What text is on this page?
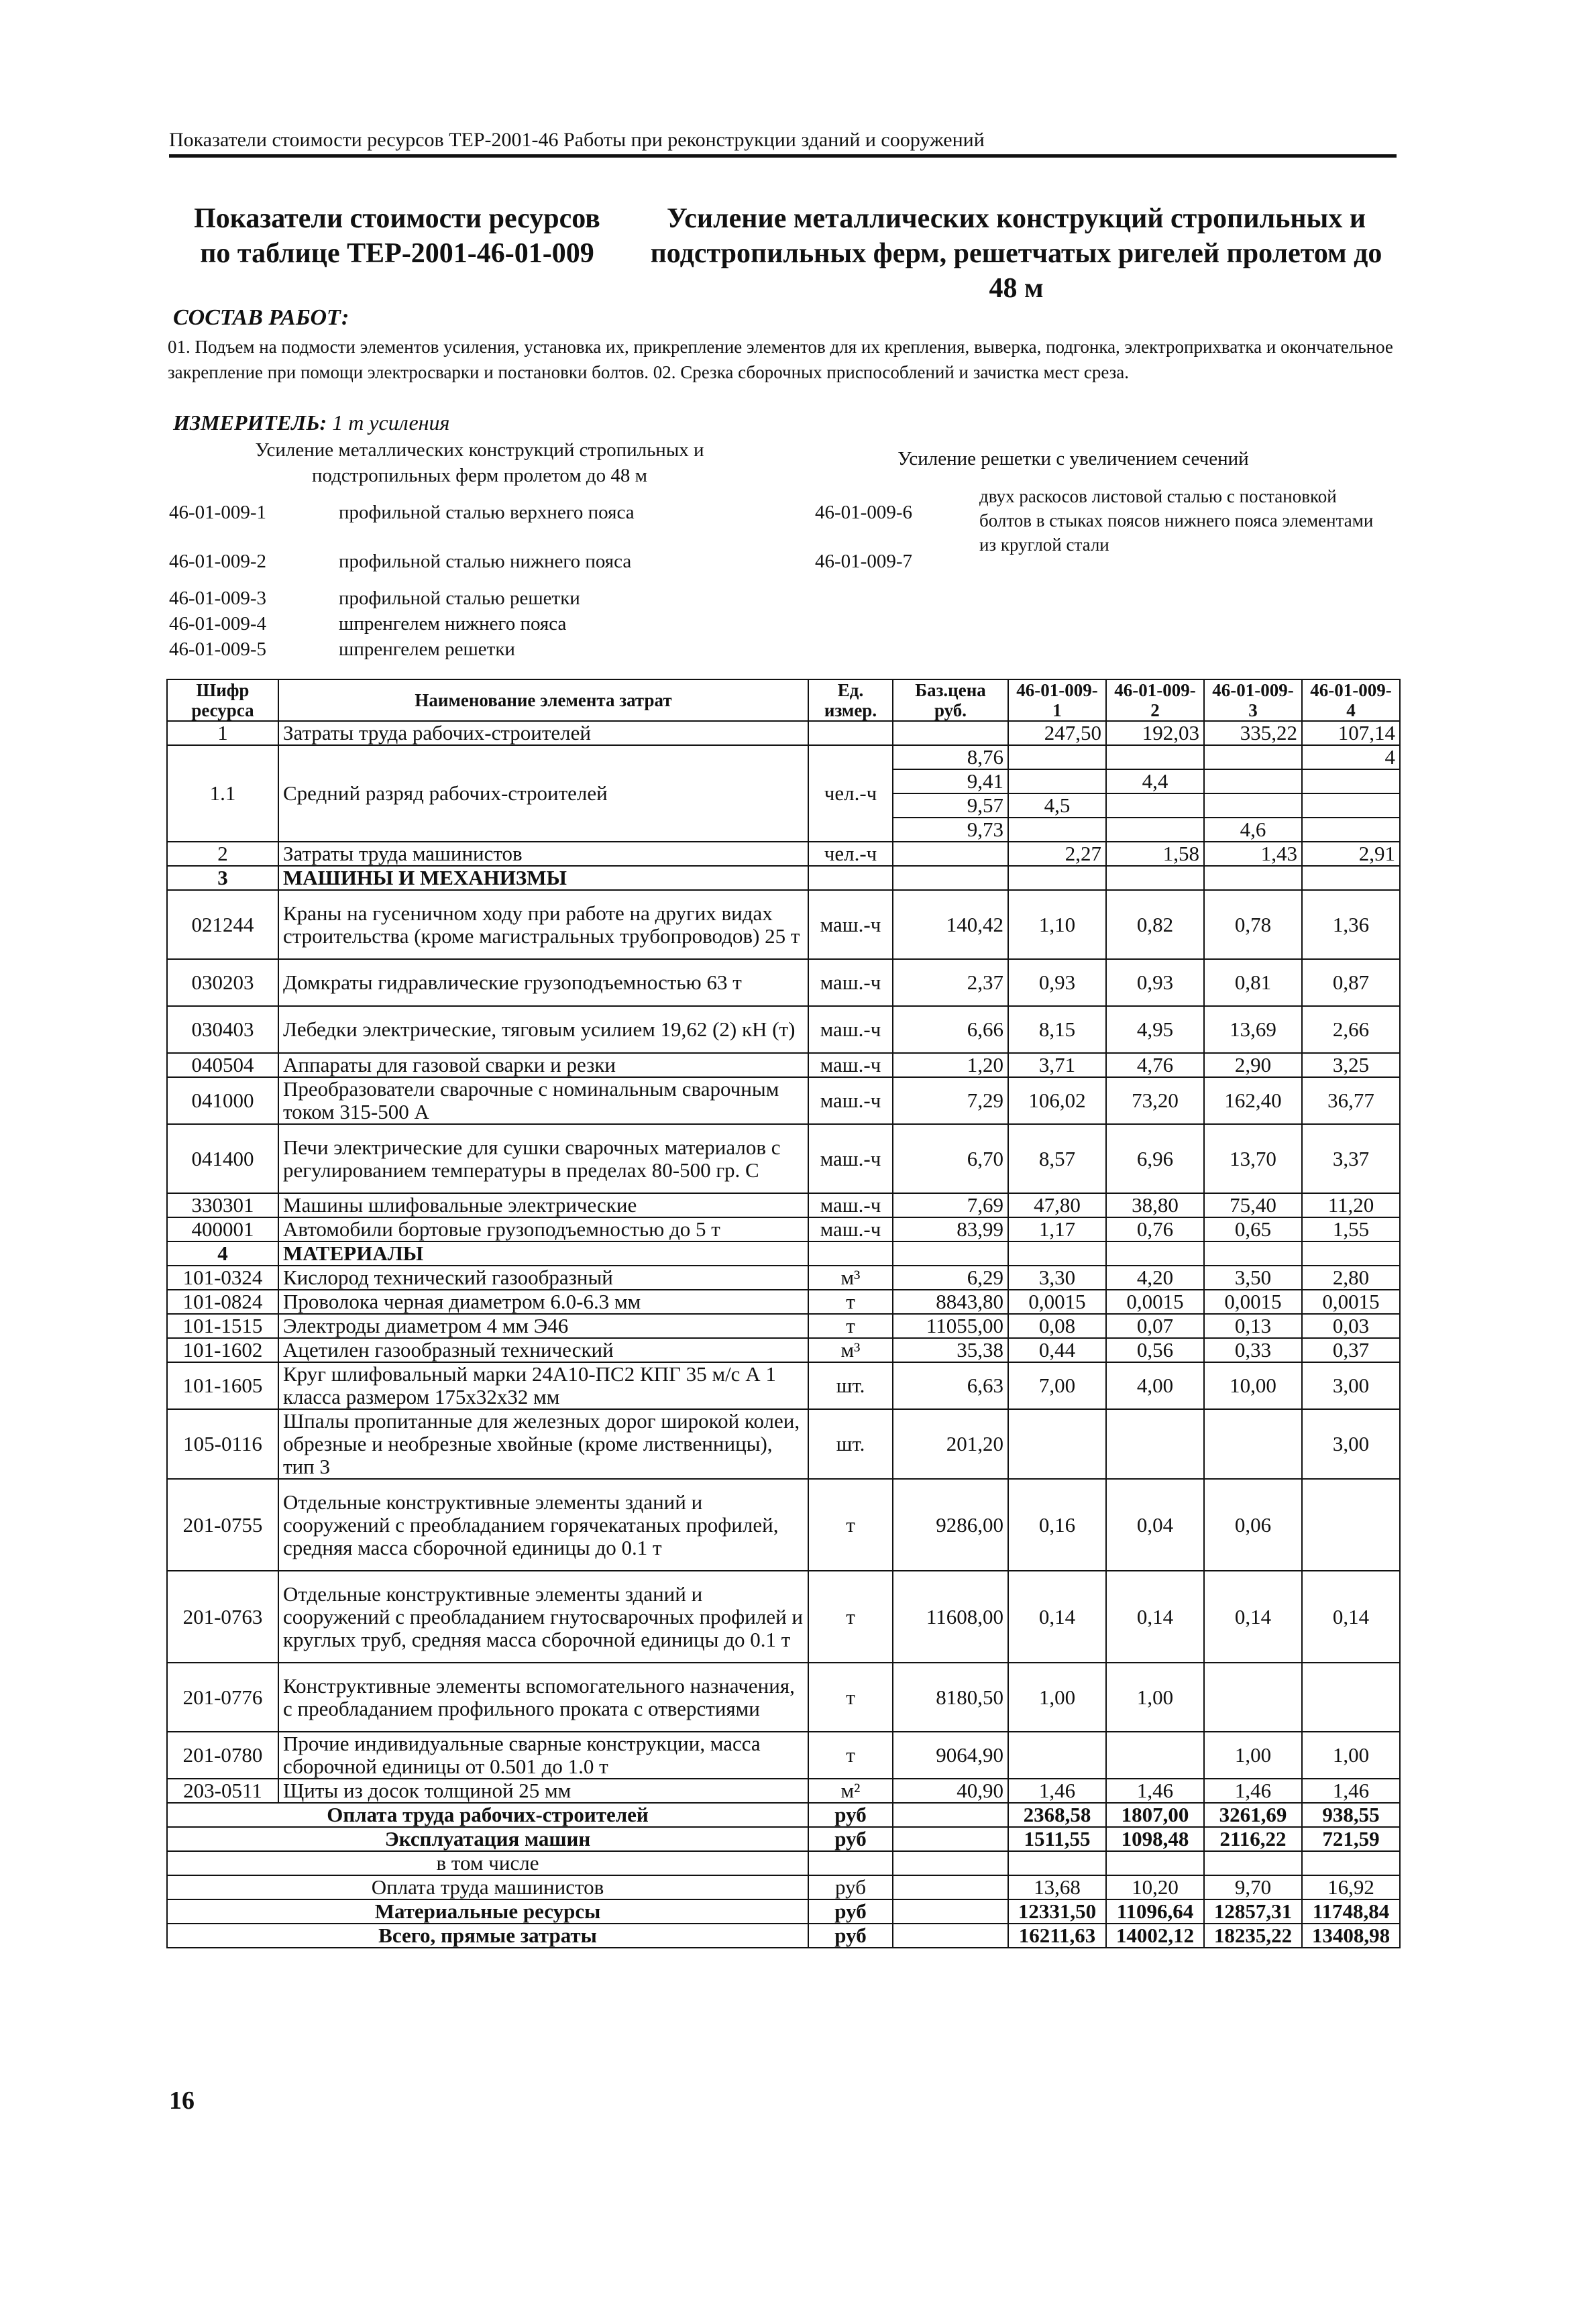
Показатели стоимости ресурсов ТЕР-2001-46 Работы при реконструкции зданий и сооружений
Показатели стоимости ресурсов
по таблице ТЕР-2001-46-01-009
Усиление металлических конструкций стропильных и
подстропильных ферм, решетчатых ригелей пролетом до
48 м
СОСТАВ РАБОТ:
01. Подъем на подмости элементов усиления, установка их, прикрепление элементов для их крепления, выверка, подгонка, электроприхватка и окончательное закрепление при помощи электросварки и постановки болтов. 02. Срезка сборочных приспособлений и зачистка мест среза.
ИЗМЕРИТЕЛЬ: 1 т усиления
Усиление металлических конструкций стропильных и
подстропильных ферм пролетом до 48 м
Усиление решетки с увеличением сечений
46-01-009-1	профильной сталью верхнего пояса
46-01-009-2	профильной сталью нижнего пояса
46-01-009-3	профильной сталью решетки
46-01-009-4	шпренгелем нижнего пояса
46-01-009-5	шпренгелем решетки
46-01-009-6
46-01-009-7
двух раскосов листовой сталью с постановкой болтов в стыках поясов нижнего пояса элементами из круглой стали
Шифр ресурса	Наименование элемента затрат	Ед. измер.	Баз.цена руб.	46-01-009-1	46-01-009-2	46-01-009-3	46-01-009-4
1	Затраты труда рабочих-строителей			247,50	192,03	335,22	107,14
1.1	Средний разряд рабочих-строителей	чел.-ч	8,76				4
			9,41		4,4		
			9,57	4,5			
			9,73			4,6	
2	Затраты труда машинистов	чел.-ч		2,27	1,58	1,43	2,91
3	МАШИНЫ И МЕХАНИЗМЫ						
021244	Краны на гусеничном ходу при работе на других видах строительства (кроме магистральных трубопроводов) 25 т	маш.-ч	140,42	1,10	0,82	0,78	1,36
030203	Домкраты гидравлические грузоподъемностью 63 т	маш.-ч	2,37	0,93	0,93	0,81	0,87
030403	Лебедки электрические, тяговым усилием 19,62 (2) кН (т)	маш.-ч	6,66	8,15	4,95	13,69	2,66
040504	Аппараты для газовой сварки и резки	маш.-ч	1,20	3,71	4,76	2,90	3,25
041000	Преобразователи сварочные с номинальным сварочным током 315-500 А	маш.-ч	7,29	106,02	73,20	162,40	36,77
041400	Печи электрические для сушки сварочных материалов с регулированием температуры в пределах 80-500 гр. С	маш.-ч	6,70	8,57	6,96	13,70	3,37
330301	Машины шлифовальные электрические	маш.-ч	7,69	47,80	38,80	75,40	11,20
400001	Автомобили бортовые грузоподъемностью до 5 т	маш.-ч	83,99	1,17	0,76	0,65	1,55
4	МАТЕРИАЛЫ						
101-0324	Кислород технический газообразный	м³	6,29	3,30	4,20	3,50	2,80
101-0824	Проволока черная диаметром 6.0-6.3 мм	т	8843,80	0,0015	0,0015	0,0015	0,0015
101-1515	Электроды диаметром 4 мм Э46	т	11055,00	0,08	0,07	0,13	0,03
101-1602	Ацетилен газообразный технический	м³	35,38	0,44	0,56	0,33	0,37
101-1605	Круг шлифовальный марки 24А10-ПС2 КПГ 35 м/с А 1 класса размером 175х32х32 мм	шт.	6,63	7,00	4,00	10,00	3,00
105-0116	Шпалы пропитанные для железных дорог широкой колеи, обрезные и необрезные хвойные (кроме лиственницы), тип 3	шт.	201,20				3,00
201-0755	Отдельные конструктивные элементы зданий и сооружений с преобладанием горячекатаных профилей, средняя масса сборочной единицы до 0.1 т	т	9286,00	0,16	0,04	0,06	
201-0763	Отдельные конструктивные элементы зданий и сооружений с преобладанием гнутосварочных профилей и круглых труб, средняя масса сборочной единицы до 0.1 т	т	11608,00	0,14	0,14	0,14	0,14
201-0776	Конструктивные элементы вспомогательного назначения, с преобладанием профильного проката с отверстиями	т	8180,50	1,00	1,00		
201-0780	Прочие индивидуальные сварные конструкции, масса сборочной единицы от 0.501 до 1.0 т	т	9064,90			1,00	1,00
203-0511	Щиты из досок толщиной 25 мм	м²	40,90	1,46	1,46	1,46	1,46
Оплата труда рабочих-строителей		руб		2368,58	1807,00	3261,69	938,55
Эксплуатация машин		руб		1511,55	1098,48	2116,22	721,59
в том числе							
Оплата труда машинистов		руб		13,68	10,20	9,70	16,92
Материальные ресурсы		руб		12331,50	11096,64	12857,31	11748,84
Всего, прямые затраты		руб		16211,63	14002,12	18235,22	13408,98
16
